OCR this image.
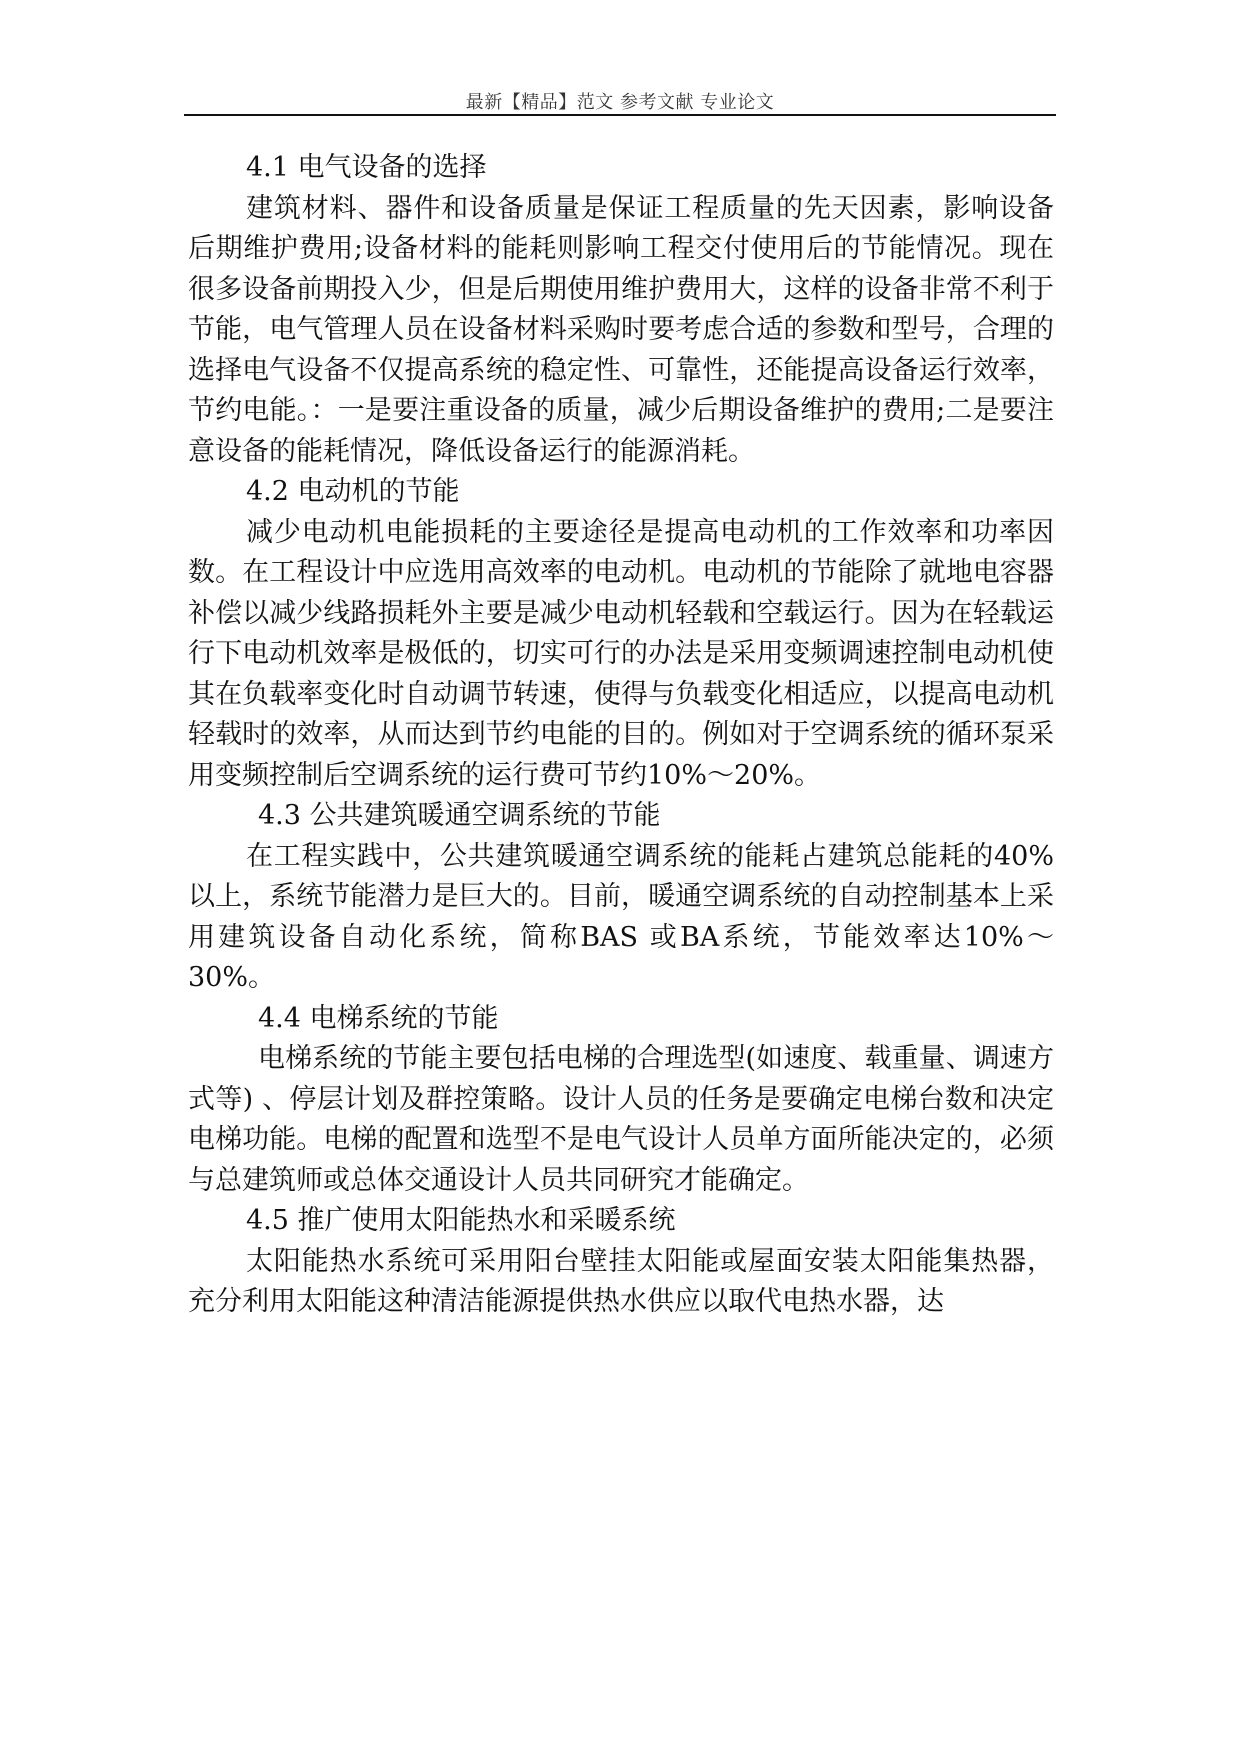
最新【精品】范文 参考文献 专业论文
4.1 电气设备的选择

建筑材料、器件和设备质量是保证工程质量的先天因素，影响设备后期维护费用;设备材料的能耗则影响工程交付使用后的节能情况。现在很多设备前期投入少，但是后期使用维护费用大，这样的设备非常不利于节能，电气管理人员在设备材料采购时要考虑合适的参数和型号，合理的选择电气设备不仅提高系统的稳定性、可靠性，还能提高设备运行效率，节约电能。：一是要注重设备的质量，减少后期设备维护的费用;二是要注意设备的能耗情况，降低设备运行的能源消耗。

4.2 电动机的节能

减少电动机电能损耗的主要途径是提高电动机的工作效率和功率因数。在工程设计中应选用高效率的电动机。电动机的节能除了就地电容器补偿以减少线路损耗外主要是减少电动机轻载和空载运行。因为在轻载运行下电动机效率是极低的，切实可行的办法是采用变频调速控制电动机使其在负载率变化时自动调节转速，使得与负载变化相适应，以提高电动机轻载时的效率，从而达到节约电能的目的。例如对于空调系统的循环泵采用变频控制后空调系统的运行费可节约10%～20%。

4.3 公共建筑暖通空调系统的节能

在工程实践中，公共建筑暖通空调系统的能耗占建筑总能耗的40%以上，系统节能潜力是巨大的。目前，暖通空调系统的自动控制基本上采用建筑设备自动化系统，简称BAS 或BA系统，节能效率达10%～30%。

4.4 电梯系统的节能

电梯系统的节能主要包括电梯的合理选型(如速度、载重量、调速方式等) 、停层计划及群控策略。设计人员的任务是要确定电梯台数和决定电梯功能。电梯的配置和选型不是电气设计人员单方面所能决定的，必须与总建筑师或总体交通设计人员共同研究才能确定。

4.5 推广使用太阳能热水和采暖系统

太阳能热水系统可采用阳台壁挂太阳能或屋面安装太阳能集热器，充分利用太阳能这种清洁能源提供热水供应以取代电热水器，达
